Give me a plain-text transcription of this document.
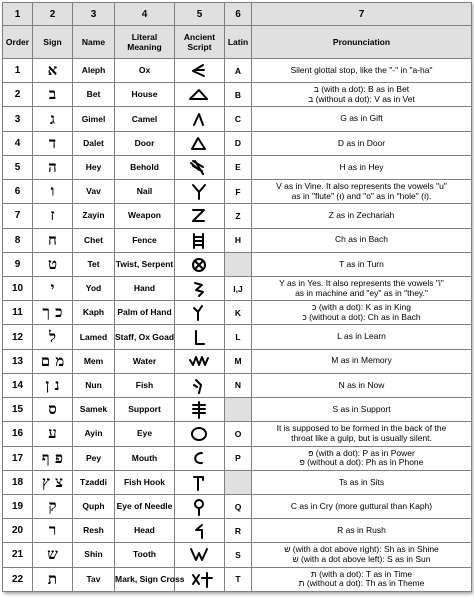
1	2	3	4	5	6	7
Order	Sign	Name	Literal Meaning	Ancient Script	Latin	Pronunciation
1	א	Aleph	Ox		A	Silent glottal stop, like the "-" in "a-ha"

2	ב	Bet	House		B	בּ (with a dot): B as in Bet
ב (without a dot): V as in Vet

3	ג	Gimel	Camel		C	G as in Gift

4	ד	Dalet	Door		D	D as in Door

5	ה	Hey	Behold		E	H as in Hey

6	ו	Vav	Nail		F	V as in Vine. It also represents the vowels "u"
as in "flute" (וּ) and "o" as in "hole" (וֹ).

7	ז	Zayin	Weapon		Z	Z as in Zechariah

8	ח	Chet	Fence		H	Ch as in Bach

9	ט	Tet	Twist, Serpent			T as in Turn

10	י	Yod	Hand		I,J	Y as in Yes. It also represents the vowels "i"
as in machine and "ey" as in "they."

11	כ ך	Kaph	Palm of Hand		K	כּ (with a dot): K as in King
כ (without a dot): Ch as in Bach

12	ל	Lamed	Staff, Ox Goad		L	L as in Learn

13	מ ם	Mem	Water		M	M as in Memory

14	נ ן	Nun	Fish		N	N as in Now

15	ס	Samek	Support			S as in Support

16	ע	Ayin	Eye		O	It is supposed to be formed in the back of the
throat like a gulp, but is usually silent.

17	פ ף	Pey	Mouth		P	פּ (with a dot): P as in Power
פ (without a dot): Ph as in Phone

18	צ ץ	Tzaddi	Fish Hook			Ts as in Sits

19	ק	Quph	Eye of Needle		Q	C as in Cry (more guttural than Kaph)

20	ר	Resh	Head		R	R as in Rush

21	ש	Shin	Tooth		S	שׁ (with a dot above right): Sh as in Shine
שׂ (with a dot above left): S as in Sun

22	ת	Tav	Mark, Sign Cross		T	תּ (with a dot): T as in Time
ת (without a dot): Th as in Theme
